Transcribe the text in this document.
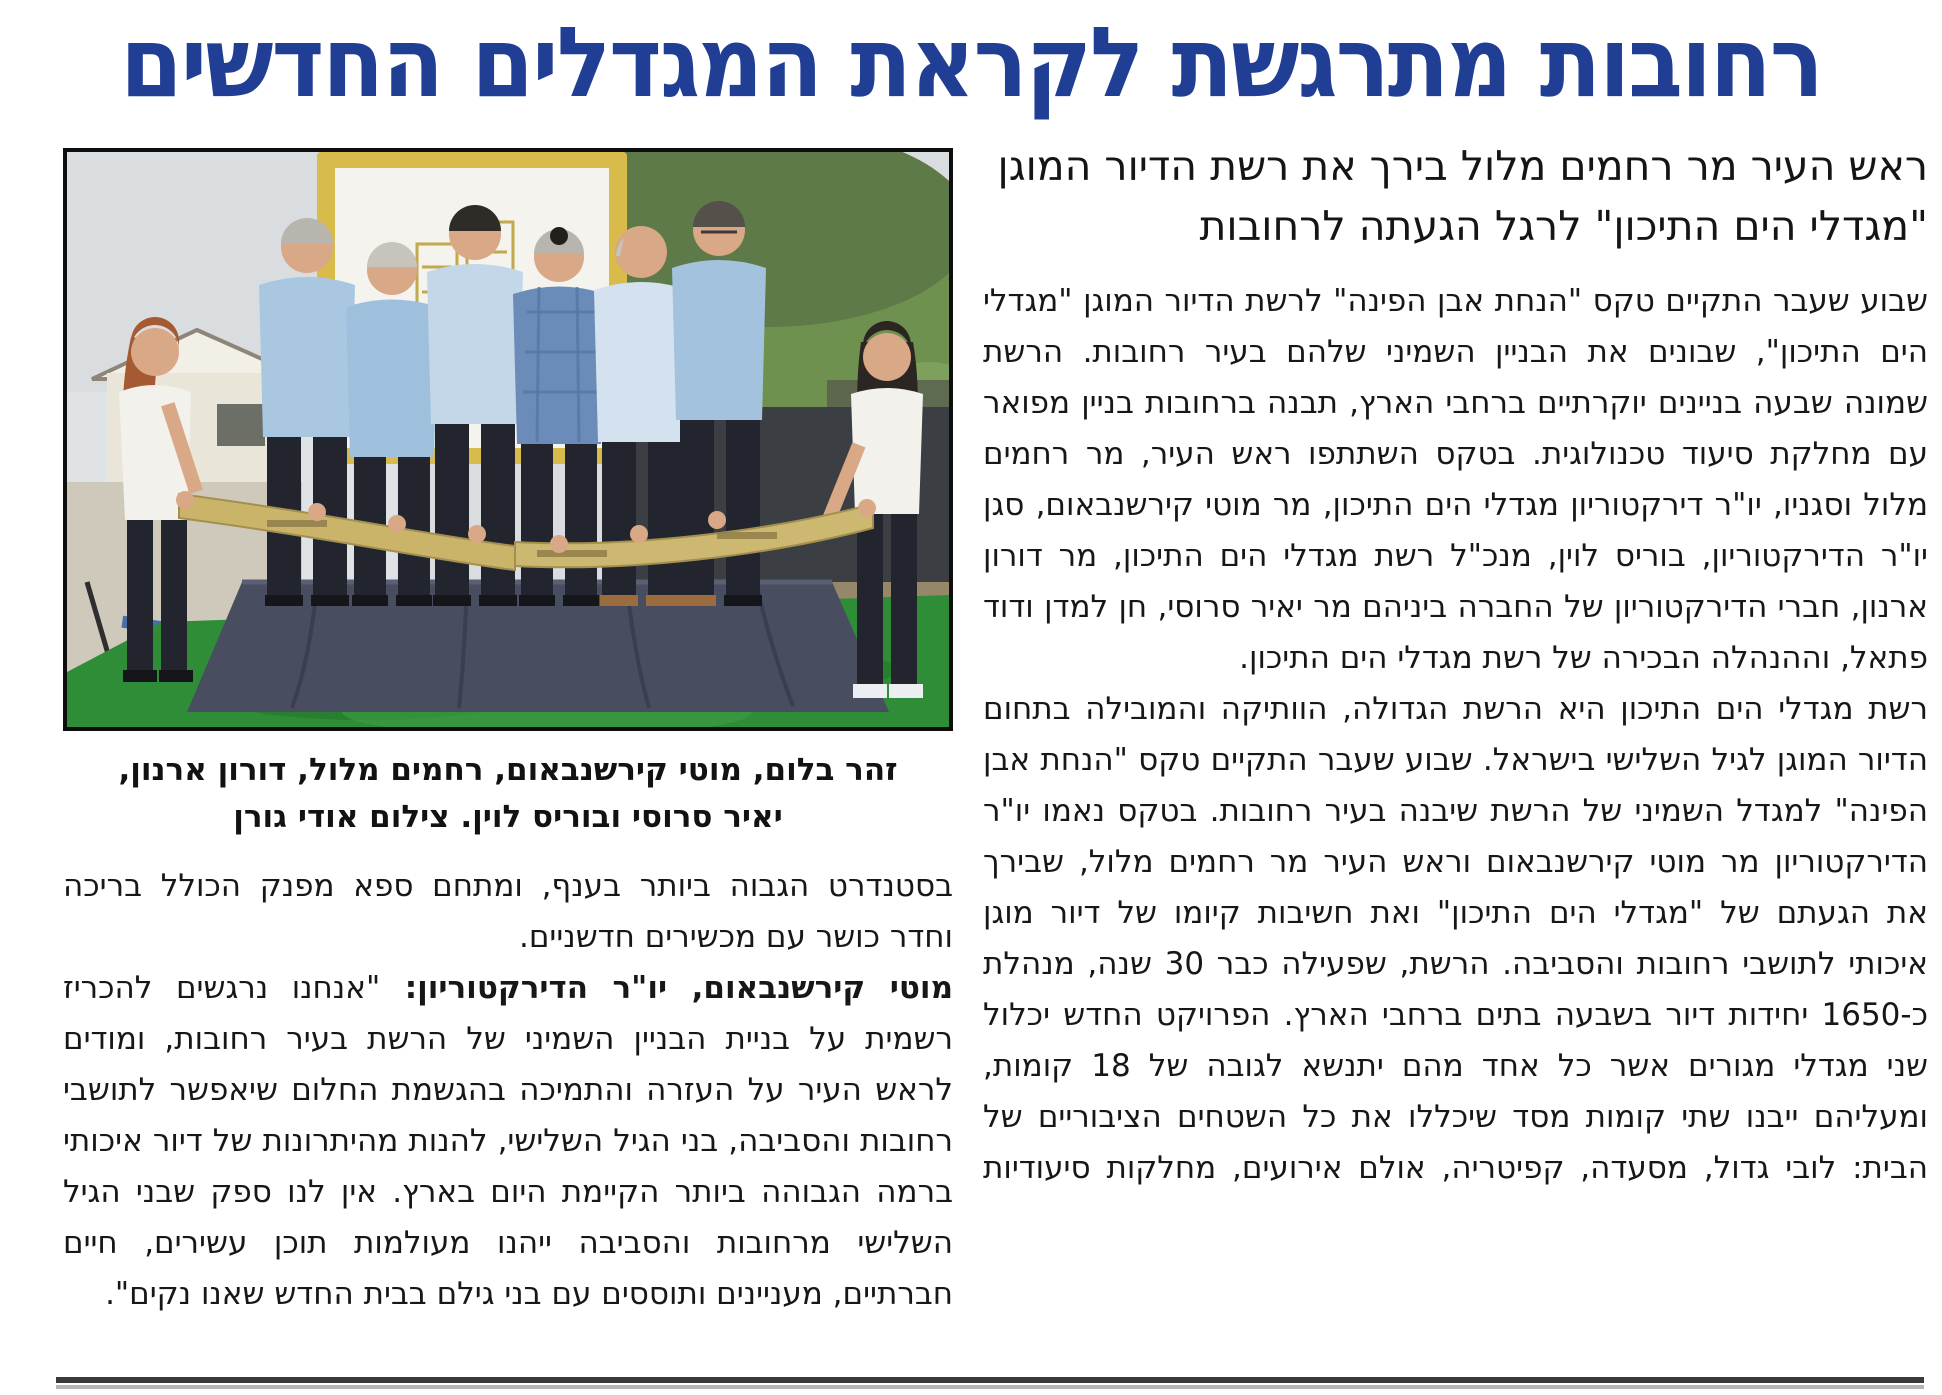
רחובות מתרגשת לקראת המגדלים החדשים
ראש העיר מר רחמים מלול בירך את רשת הדיור המוגן "מגדלי הים התיכון" לרגל הגעתה לרחובות

שבוע שעבר התקיים טקס "הנחת אבן הפינה" לרשת הדיור המוגן "מגדלי הים התיכון", שבונים את הבניין השמיני שלהם בעיר רחובות. הרשת שמונה שבעה בניינים יוקרתיים ברחבי הארץ, תבנה ברחובות בניין מפואר עם מחלקת סיעוד טכנולוגית. בטקס השתתפו ראש העיר, מר רחמים מלול וסגניו, יו"ר דירקטוריון מגדלי הים התיכון, מר מוטי קירשנבאום, סגן יו"ר הדירקטוריון, בוריס לוין, מנכ"ל רשת מגדלי הים התיכון, מר דורון ארנון, חברי הדירקטוריון של החברה ביניהם מר יאיר סרוסי, חן למדן ודוד פתאל, וההנהלה הבכירה של רשת מגדלי הים התיכון.

רשת מגדלי הים התיכון היא הרשת הגדולה, הוותיקה והמובילה בתחום הדיור המוגן לגיל השלישי בישראל. שבוע שעבר התקיים טקס "הנחת אבן הפינה" למגדל השמיני של הרשת שיבנה בעיר רחובות. בטקס נאמו יו"ר הדירקטוריון מר מוטי קירשנבאום וראש העיר מר רחמים מלול, שבירך את הגעתם של "מגדלי הים התיכון" ואת חשיבות קיומו של דיור מוגן איכותי לתושבי רחובות והסביבה. הרשת, שפעילה כבר 30 שנה, מנהלת כ-1650 יחידות דיור בשבעה בתים ברחבי הארץ. הפרויקט החדש יכלול שני מגדלי מגורים אשר כל אחד מהם יתנשא לגובה של 18 קומות, ומעליהם ייבנו שתי קומות מסד שיכללו את כל השטחים הציבוריים של הבית: לובי גדול, מסעדה, קפיטריה, אולם אירועים, מחלקות סיעודיות

זהר בלום, מוטי קירשנבאום, רחמים מלול, דורון ארנון, יאיר סרוסי ובוריס לוין. צילום אודי גורן

בסטנדרט הגבוה ביותר בענף, ומתחם ספא מפנק הכולל בריכה וחדר כושר עם מכשירים חדשניים.

מוטי קירשנבאום, יו"ר הדירקטוריון: "אנחנו נרגשים להכריז רשמית על בניית הבניין השמיני של הרשת בעיר רחובות, ומודים לראש העיר על העזרה והתמיכה בהגשמת החלום שיאפשר לתושבי רחובות והסביבה, בני הגיל השלישי, להנות מהיתרונות של דיור איכותי ברמה הגבוהה ביותר הקיימת היום בארץ. אין לנו ספק שבני הגיל השלישי מרחובות והסביבה ייהנו מעולמות תוכן עשירים, חיים חברתיים, מעניינים ותוססים עם בני גילם בבית החדש שאנו נקים".
